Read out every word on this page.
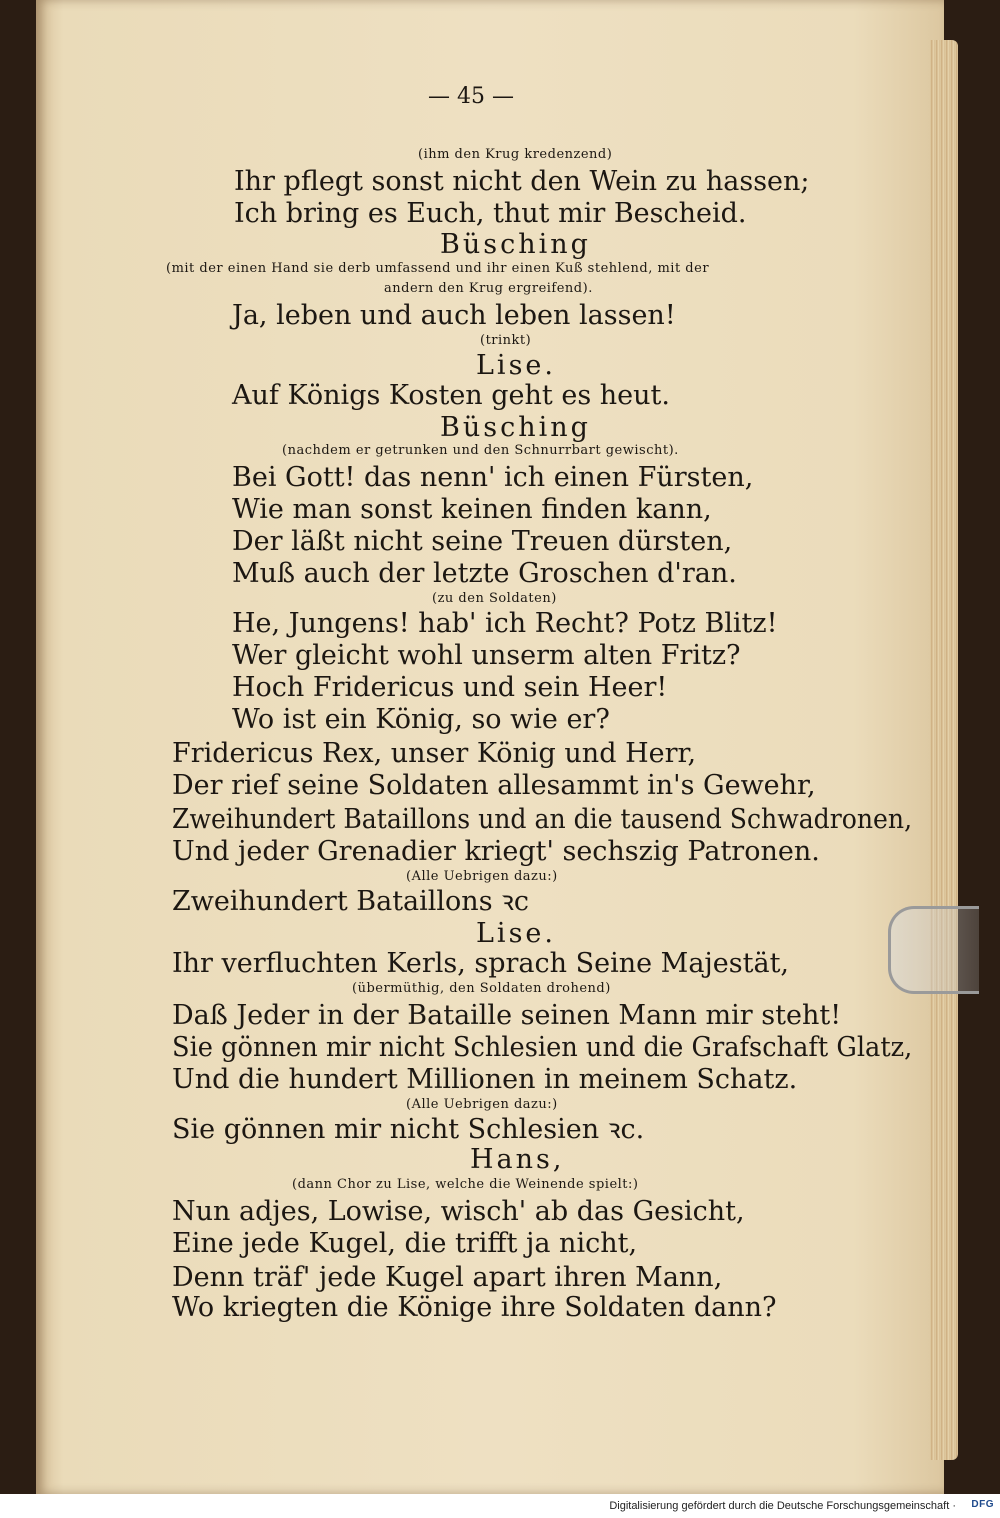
— 45 —
(ihm den Krug kredenzend)
Ihr pflegt sonst nicht den Wein zu hassen;
Ich bring es Euch, thut mir Bescheid.
Büsching
(mit der einen Hand sie derb umfassend und ihr einen Kuß stehlend, mit der
andern den Krug ergreifend).
Ja, leben und auch leben lassen!
(trinkt)
Lise.
Auf Königs Kosten geht es heut.
Büsching
(nachdem er getrunken und den Schnurrbart gewischt).
Bei Gott! das nenn' ich einen Fürsten,
Wie man sonst keinen finden kann,
Der läßt nicht seine Treuen dürsten,
Muß auch der letzte Groschen d'ran.
(zu den Soldaten)
He, Jungens! hab' ich Recht? Potz Blitz!
Wer gleicht wohl unserm alten Fritz?
Hoch Fridericus und sein Heer!
Wo ist ein König, so wie er?
Fridericus Rex, unser König und Herr,
Der rief seine Soldaten allesammt in's Gewehr,
Zweihundert Bataillons und an die tausend Schwadronen,
Und jeder Grenadier kriegt' sechszig Patronen.
(Alle Uebrigen dazu:)
Zweihundert Bataillons ꝛc
Lise.
Ihr verfluchten Kerls, sprach Seine Majestät,
(übermüthig, den Soldaten drohend)
Daß Jeder in der Bataille seinen Mann mir steht!
Sie gönnen mir nicht Schlesien und die Grafschaft Glatz,
Und die hundert Millionen in meinem Schatz.
(Alle Uebrigen dazu:)
Sie gönnen mir nicht Schlesien ꝛc.
Hans,
(dann Chor zu Lise, welche die Weinende spielt:)
Nun adjes, Lowise, wisch' ab das Gesicht,
Eine jede Kugel, die trifft ja nicht,
Denn träf' jede Kugel apart ihren Mann,
Wo kriegten die Könige ihre Soldaten dann?
Digitalisierung gefördert durch die Deutsche Forschungsgemeinschaft · DFG
